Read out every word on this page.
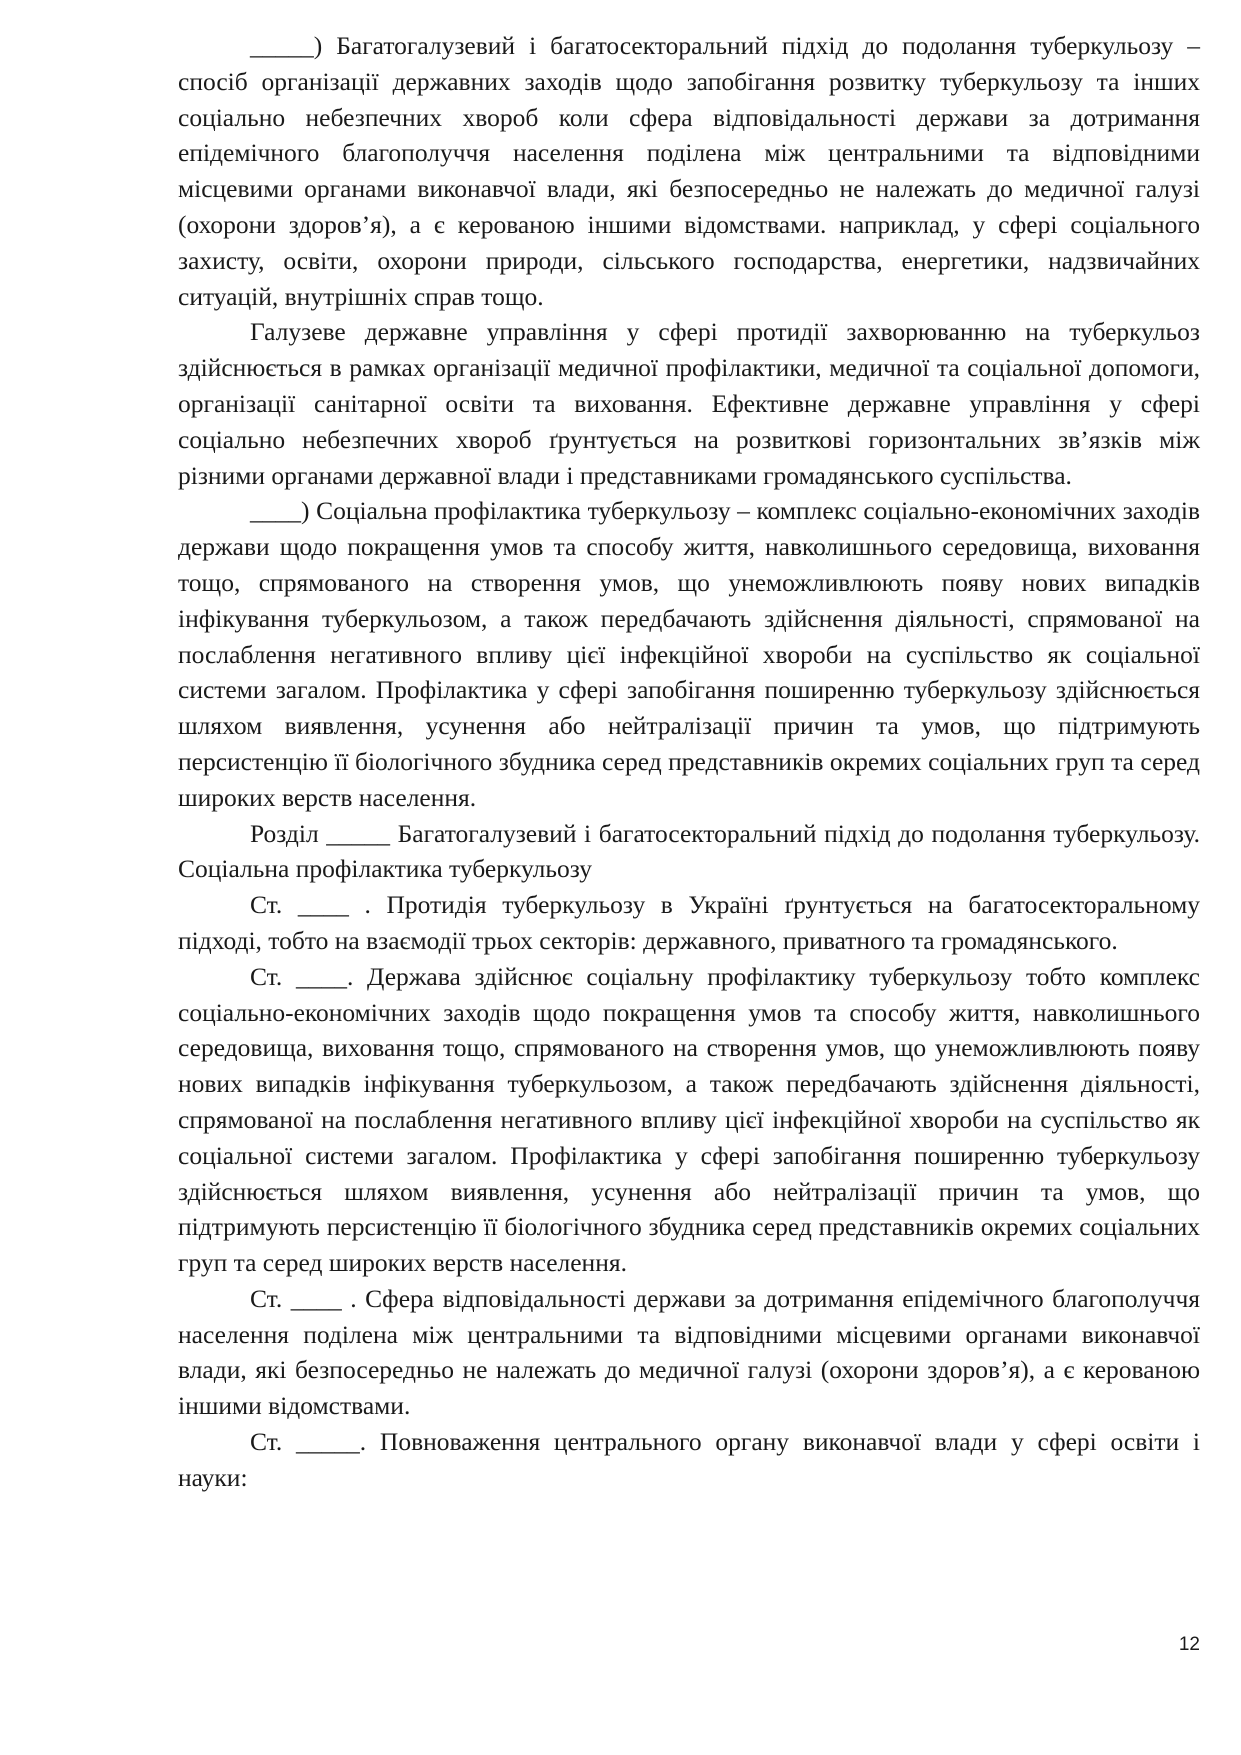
_____) Багатогалузевий і багатосекторальний підхід до подолання туберкульозу – спосіб організації державних заходів щодо запобігання розвитку туберкульозу та інших соціально небезпечних хвороб коли сфера відповідальності держави за дотримання епідемічного благополуччя населення поділена між центральними та відповідними місцевими органами виконавчої влади, які безпосередньо не належать до медичної галузі (охорони здоров’я), а є керованою іншими відомствами. наприклад, у сфері соціального захисту, освіти, охорони природи, сільського господарства, енергетики, надзвичайних ситуацій, внутрішніх справ тощо.

Галузеве державне управління у сфері протидії захворюванню на туберкульоз здійснюється в рамках організації медичної профілактики, медичної та соціальної допомоги, організації санітарної освіти та виховання. Ефективне державне управління у сфері соціально небезпечних хвороб ґрунтується на розвиткові горизонтальних зв’язків між різними органами державної влади і представниками громадянського суспільства.

____) Соціальна профілактика туберкульозу – комплекс соціально-економічних заходів держави щодо покращення умов та способу життя, навколишнього середовища, виховання тощо, спрямованого на створення умов, що унеможливлюють появу нових випадків інфікування туберкульозом, а також передбачають здійснення діяльності, спрямованої на послаблення негативного впливу цієї інфекційної хвороби на суспільство як соціальної системи загалом. Профілактика у сфері запобігання поширенню туберкульозу здійснюється шляхом виявлення, усунення або нейтралізації причин та умов, що підтримують персистенцію її біологічного збудника серед представників окремих соціальних груп та серед широких верств населення.

Розділ _____ Багатогалузевий і багатосекторальний підхід до подолання туберкульозу. Соціальна профілактика туберкульозу

Ст. ____ . Протидія туберкульозу в Україні ґрунтується на багатосекторальному підході, тобто на взаємодії трьох секторів: державного, приватного та громадянського.

Ст. ____. Держава здійснює соціальну профілактику туберкульозу тобто комплекс соціально-економічних заходів щодо покращення умов та способу життя, навколишнього середовища, виховання тощо, спрямованого на створення умов, що унеможливлюють появу нових випадків інфікування туберкульозом, а також передбачають здійснення діяльності, спрямованої на послаблення негативного впливу цієї інфекційної хвороби на суспільство як соціальної системи загалом. Профілактика у сфері запобігання поширенню туберкульозу здійснюється шляхом виявлення, усунення або нейтралізації причин та умов, що підтримують персистенцію її біологічного збудника серед представників окремих соціальних груп та серед широких верств населення.

Ст. ____ . Сфера відповідальності держави за дотримання епідемічного благополуччя населення поділена між центральними та відповідними місцевими органами виконавчої влади, які безпосередньо не належать до медичної галузі (охорони здоров’я), а є керованою іншими відомствами.

Ст. _____. Повноваження центрального органу виконавчої влади у сфері освіти і науки:

12
